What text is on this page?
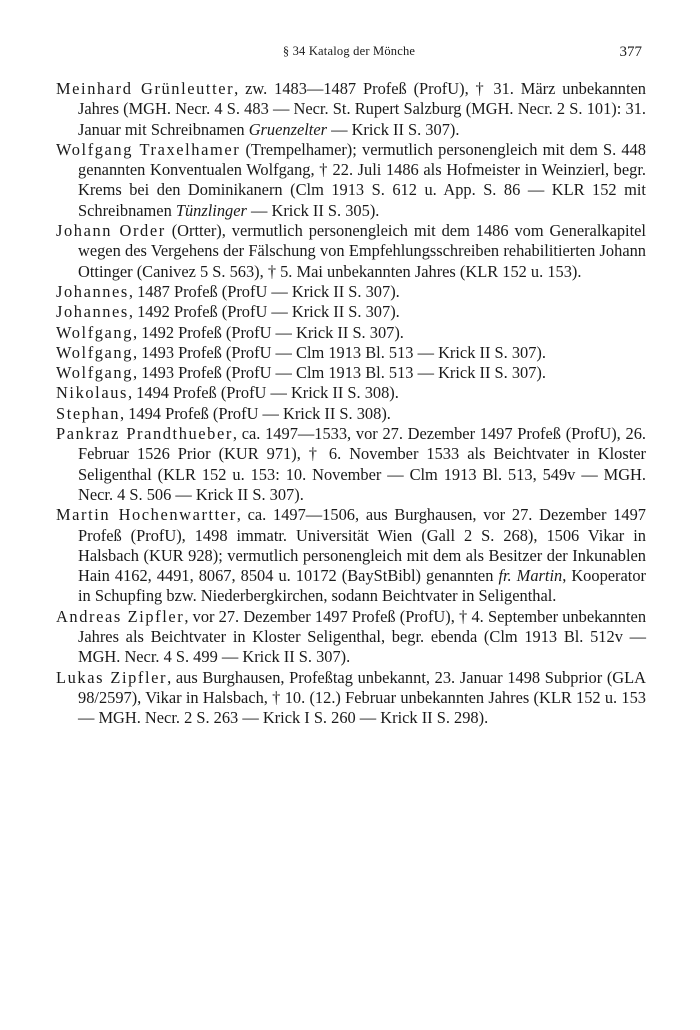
§ 34 Katalog der Mönche	377

Meinhard Grünleutter, zw. 1483—1487 Profeß (ProfU), † 31. März unbekannten Jahres (MGH. Necr. 4 S. 483 — Necr. St. Rupert Salzburg (MGH. Necr. 2 S. 101): 31. Januar mit Schreibnamen Gruenzelter — Krick II S. 307).

Wolfgang Traxelhamer (Trempelhamer); vermutlich personengleich mit dem S. 448 genannten Konventualen Wolfgang, † 22. Juli 1486 als Hofmeister in Weinzierl, begr. Krems bei den Dominikanern (Clm 1913 S. 612 u. App. S. 86 — KLR 152 mit Schreibnamen Tünzlinger — Krick II S. 305).

Johann Order (Ortter), vermutlich personengleich mit dem 1486 vom Generalkapitel wegen des Vergehens der Fälschung von Empfehlungsschreiben rehabilitierten Johann Ottinger (Canivez 5 S. 563), † 5. Mai unbekannten Jahres (KLR 152 u. 153).

Johannes, 1487 Profeß (ProfU — Krick II S. 307).

Johannes, 1492 Profeß (ProfU — Krick II S. 307).

Wolfgang, 1492 Profeß (ProfU — Krick II S. 307).

Wolfgang, 1493 Profeß (ProfU — Clm 1913 Bl. 513 — Krick II S. 307).

Wolfgang, 1493 Profeß (ProfU — Clm 1913 Bl. 513 — Krick II S. 307).

Nikolaus, 1494 Profeß (ProfU — Krick II S. 308).

Stephan, 1494 Profeß (ProfU — Krick II S. 308).

Pankraz Prandthueber, ca. 1497—1533, vor 27. Dezember 1497 Profeß (ProfU), 26. Februar 1526 Prior (KUR 971), † 6. November 1533 als Beichtvater in Kloster Seligenthal (KLR 152 u. 153: 10. November — Clm 1913 Bl. 513, 549v — MGH. Necr. 4 S. 506 — Krick II S. 307).

Martin Hochenwartter, ca. 1497—1506, aus Burghausen, vor 27. Dezember 1497 Profeß (ProfU), 1498 immatr. Universität Wien (Gall 2 S. 268), 1506 Vikar in Halsbach (KUR 928); vermutlich personengleich mit dem als Besitzer der Inkunablen Hain 4162, 4491, 8067, 8504 u. 10172 (BayStBibl) genannten fr. Martin, Kooperator in Schupfing bzw. Niederbergkirchen, sodann Beichtvater in Seligenthal.

Andreas Zipfler, vor 27. Dezember 1497 Profeß (ProfU), † 4. September unbekannten Jahres als Beichtvater in Kloster Seligenthal, begr. ebenda (Clm 1913 Bl. 512v — MGH. Necr. 4 S. 499 — Krick II S. 307).

Lukas Zipfler, aus Burghausen, Profeßtag unbekannt, 23. Januar 1498 Subprior (GLA 98/2597), Vikar in Halsbach, † 10. (12.) Februar unbekannten Jahres (KLR 152 u. 153 — MGH. Necr. 2 S. 263 — Krick I S. 260 — Krick II S. 298).
